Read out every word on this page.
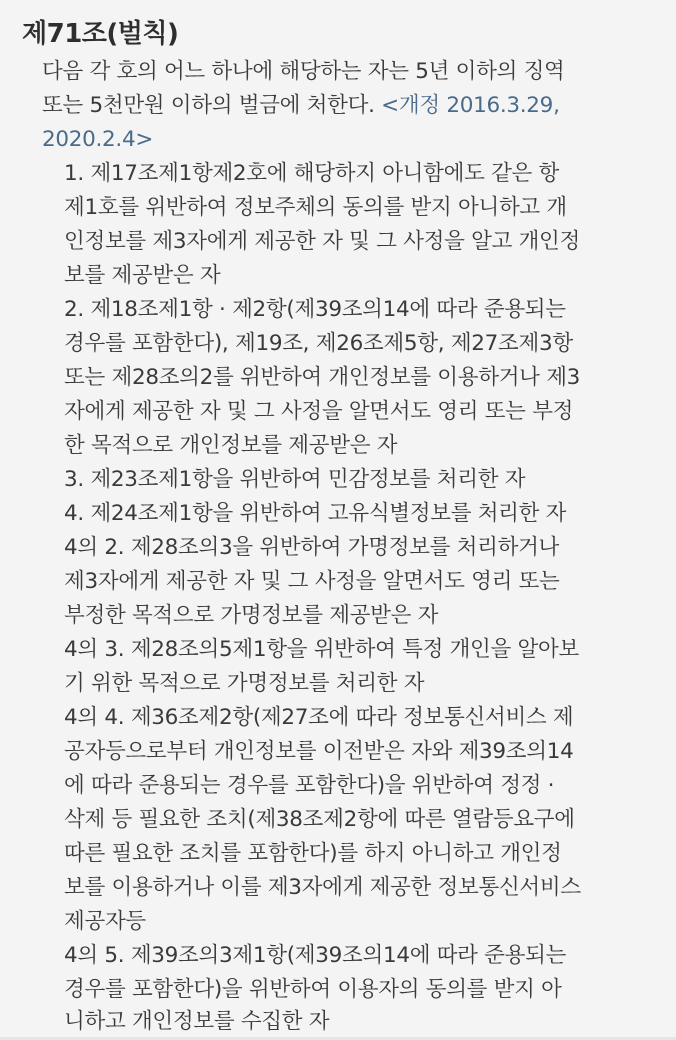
제71조(벌칙)
다음 각 호의 어느 하나에 해당하는 자는 5년 이하의 징역
또는 5천만원 이하의 벌금에 처한다. <개정 2016.3.29,
2020.2.4>
1. 제17조제1항제2호에 해당하지 아니함에도 같은 항
제1호를 위반하여 정보주체의 동의를 받지 아니하고 개
인정보를 제3자에게 제공한 자 및 그 사정을 알고 개인정
보를 제공받은 자
2. 제18조제1항 · 제2항(제39조의14에 따라 준용되는
경우를 포함한다), 제19조, 제26조제5항, 제27조제3항
또는 제28조의2를 위반하여 개인정보를 이용하거나 제3
자에게 제공한 자 및 그 사정을 알면서도 영리 또는 부정
한 목적으로 개인정보를 제공받은 자
3. 제23조제1항을 위반하여 민감정보를 처리한 자
4. 제24조제1항을 위반하여 고유식별정보를 처리한 자
4의 2. 제28조의3을 위반하여 가명정보를 처리하거나
제3자에게 제공한 자 및 그 사정을 알면서도 영리 또는
부정한 목적으로 가명정보를 제공받은 자
4의 3. 제28조의5제1항을 위반하여 특정 개인을 알아보
기 위한 목적으로 가명정보를 처리한 자
4의 4. 제36조제2항(제27조에 따라 정보통신서비스 제
공자등으로부터 개인정보를 이전받은 자와 제39조의14
에 따라 준용되는 경우를 포함한다)을 위반하여 정정 ·
삭제 등 필요한 조치(제38조제2항에 따른 열람등요구에
따른 필요한 조치를 포함한다)를 하지 아니하고 개인정
보를 이용하거나 이를 제3자에게 제공한 정보통신서비스
제공자등
4의 5. 제39조의3제1항(제39조의14에 따라 준용되는
경우를 포함한다)을 위반하여 이용자의 동의를 받지 아
니하고 개인정보를 수집한 자
